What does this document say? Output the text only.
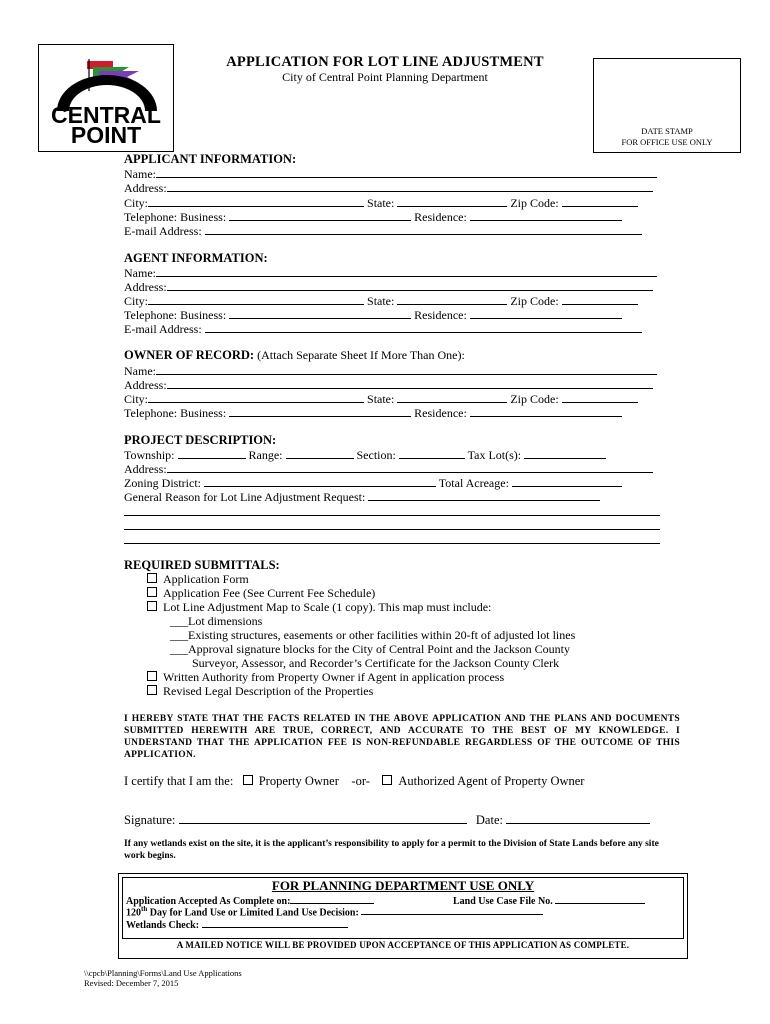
CENTRAL
POINT
APPLICATION FOR LOT LINE ADJUSTMENT
City of Central Point Planning Department
DATE STAMP
FOR OFFICE USE ONLY
APPLICANT INFORMATION:
Name:
Address:
City:	State:	Zip Code:
Telephone: Business:	Residence:
E-mail Address:
AGENT INFORMATION:
Name:
Address:
City:	State:	Zip Code:
Telephone: Business:	Residence:
E-mail Address:
OWNER OF RECORD: (Attach Separate Sheet If More Than One):
Name:
Address:
City:	State:	Zip Code:
Telephone: Business:	Residence:
PROJECT DESCRIPTION:
Township:	Range:	Section:	Tax Lot(s):
Address:
Zoning District:	Total Acreage:
General Reason for Lot Line Adjustment Request:
REQUIRED SUBMITTALS:
Application Form
Application Fee (See Current Fee Schedule)
Lot Line Adjustment Map to Scale (1 copy). This map must include:
___Lot dimensions
___Existing structures, easements or other facilities within 20-ft of adjusted lot lines
___Approval signature blocks for the City of Central Point and the Jackson County
Surveyor, Assessor, and Recorder’s Certificate for the Jackson County Clerk
Written Authority from Property Owner if Agent in application process
Revised Legal Description of the Properties
I HEREBY STATE THAT THE FACTS RELATED IN THE ABOVE APPLICATION AND THE PLANS AND DOCUMENTS SUBMITTED HEREWITH ARE TRUE, CORRECT, AND ACCURATE TO THE BEST OF MY KNOWLEDGE. I UNDERSTAND THAT THE APPLICATION FEE IS NON-REFUNDABLE REGARDLESS OF THE OUTCOME OF THIS APPLICATION.
I certify that I am the: Property Owner -or- Authorized Agent of Property Owner
Signature:	Date:
If any wetlands exist on the site, it is the applicant’s responsibility to apply for a permit to the Division of State Lands before any site work begins.
FOR PLANNING DEPARTMENT USE ONLY
Application Accepted As Complete on:	Land Use Case File No.
120th Day for Land Use or Limited Land Use Decision:
Wetlands Check:
A MAILED NOTICE WILL BE PROVIDED UPON ACCEPTANCE OF THIS APPLICATION AS COMPLETE.
\\cpcb\Planning\Forms\Land Use Applications
Revised: December 7, 2015
